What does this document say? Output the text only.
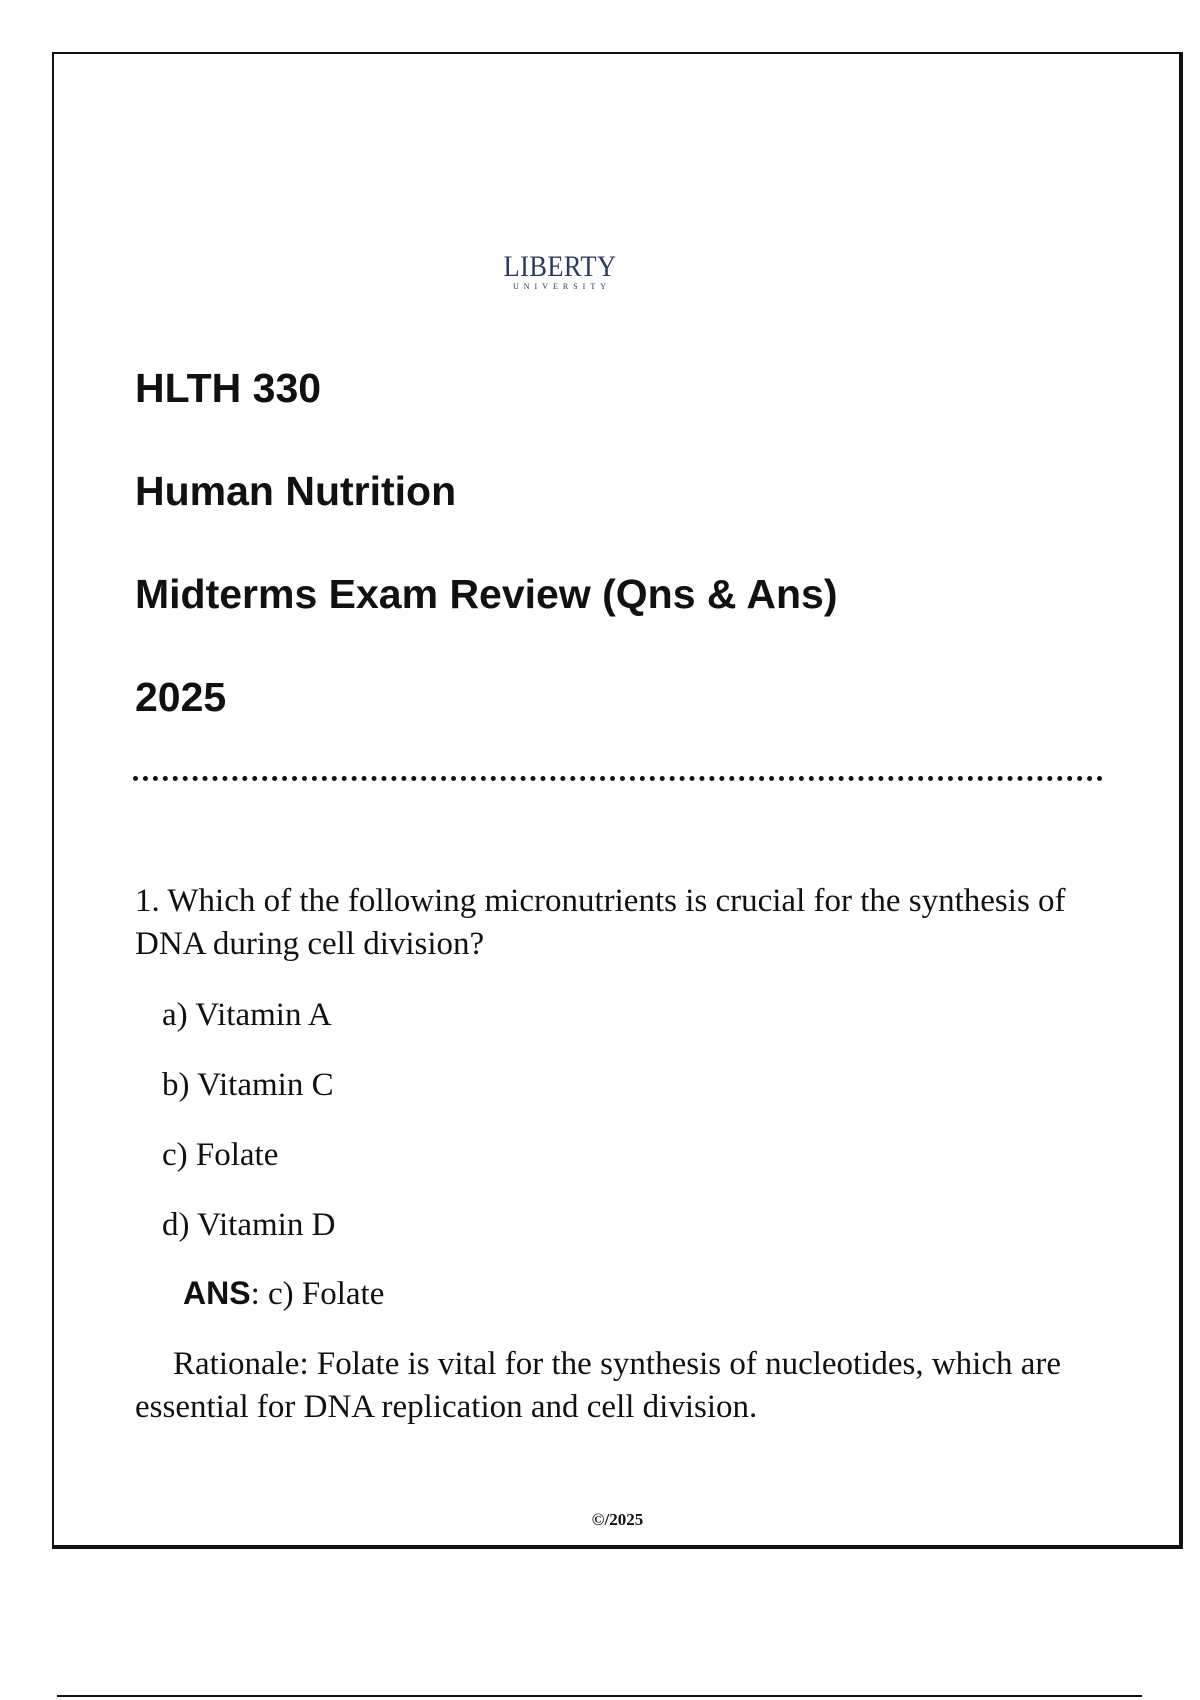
LIBERTY
UNIVERSITY
HLTH 330
Human Nutrition
Midterms Exam Review (Qns & Ans)
2025

1. Which of the following micronutrients is crucial for the synthesis of DNA during cell division?

a) Vitamin A

b) Vitamin C

c) Folate

d) Vitamin D

ANS: c) Folate

Rationale: Folate is vital for the synthesis of nucleotides, which are essential for DNA replication and cell division.

©/2025
